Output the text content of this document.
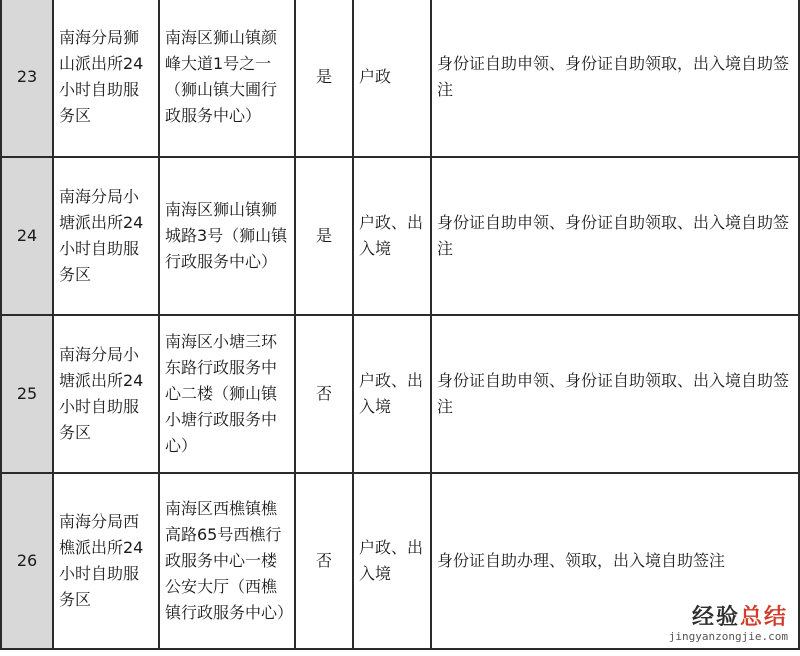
23	南海分局狮山派出所24小时自助服务区	南海区狮山镇颜峰大道1号之一（狮山镇大圃行政服务中心）	是	户政	身份证自助申领、身份证自助领取，出入境自助签注
24	南海分局小塘派出所24小时自助服务区	南海区狮山镇狮城路3号（狮山镇行政服务中心）	是	户政、出入境	身份证自助申领、身份证自助领取、出入境自助签注
25	南海分局小塘派出所24小时自助服务区	南海区小塘三环东路行政服务中心二楼（狮山镇小塘行政服务中心）	否	户政、出入境	身份证自助申领、身份证自助领取、出入境自助签注
26	南海分局西樵派出所24小时自助服务区	南海区西樵镇樵高路65号西樵行政服务中心一楼公安大厅（西樵镇行政服务中心）	否	户政、出入境	身份证自助办理、领取，出入境自助签注
经验总结
jingyanzongjie.com
